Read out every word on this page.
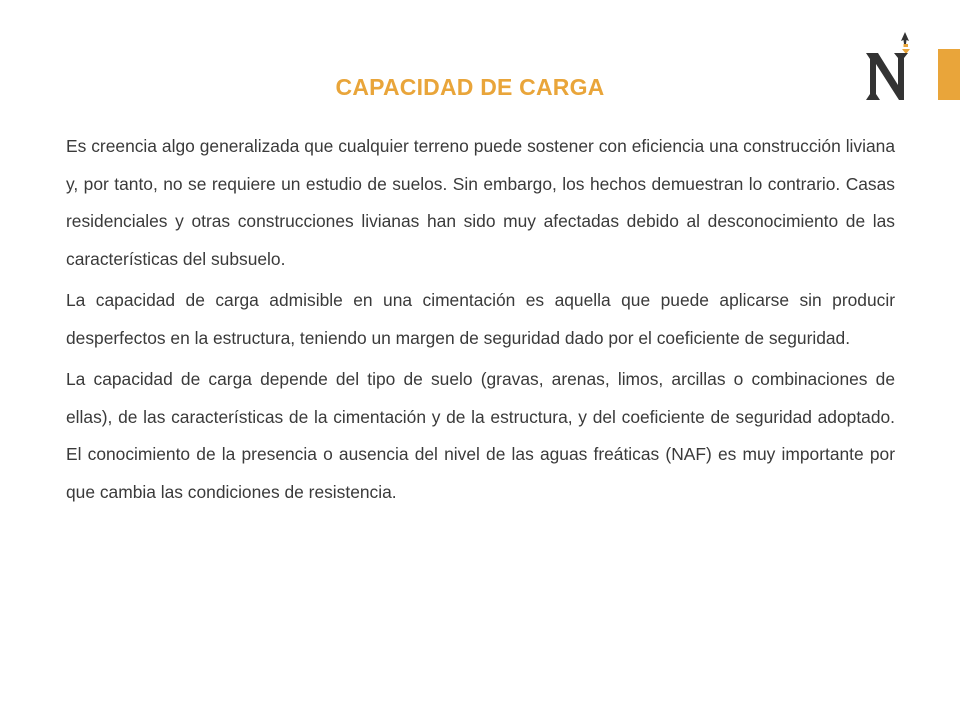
CAPACIDAD DE CARGA

Es creencia algo generalizada que cualquier terreno puede sostener con eficiencia una construcción liviana y, por tanto, no se requiere un estudio de suelos. Sin embargo, los hechos demuestran lo contrario. Casas residenciales y otras construcciones livianas han sido muy afectadas debido al desconocimiento de las características del subsuelo.

La capacidad de carga admisible en una cimentación es aquella que puede aplicarse sin producir desperfectos en la estructura, teniendo un margen de seguridad dado por el coeficiente de seguridad.

La capacidad de carga depende del tipo de suelo (gravas, arenas, limos, arcillas o combinaciones de ellas), de las características de la cimentación y de la estructura, y del coeficiente de seguridad adoptado. El conocimiento de la presencia o ausencia del nivel de las aguas freáticas (NAF) es muy importante por que cambia las condiciones de resistencia.
